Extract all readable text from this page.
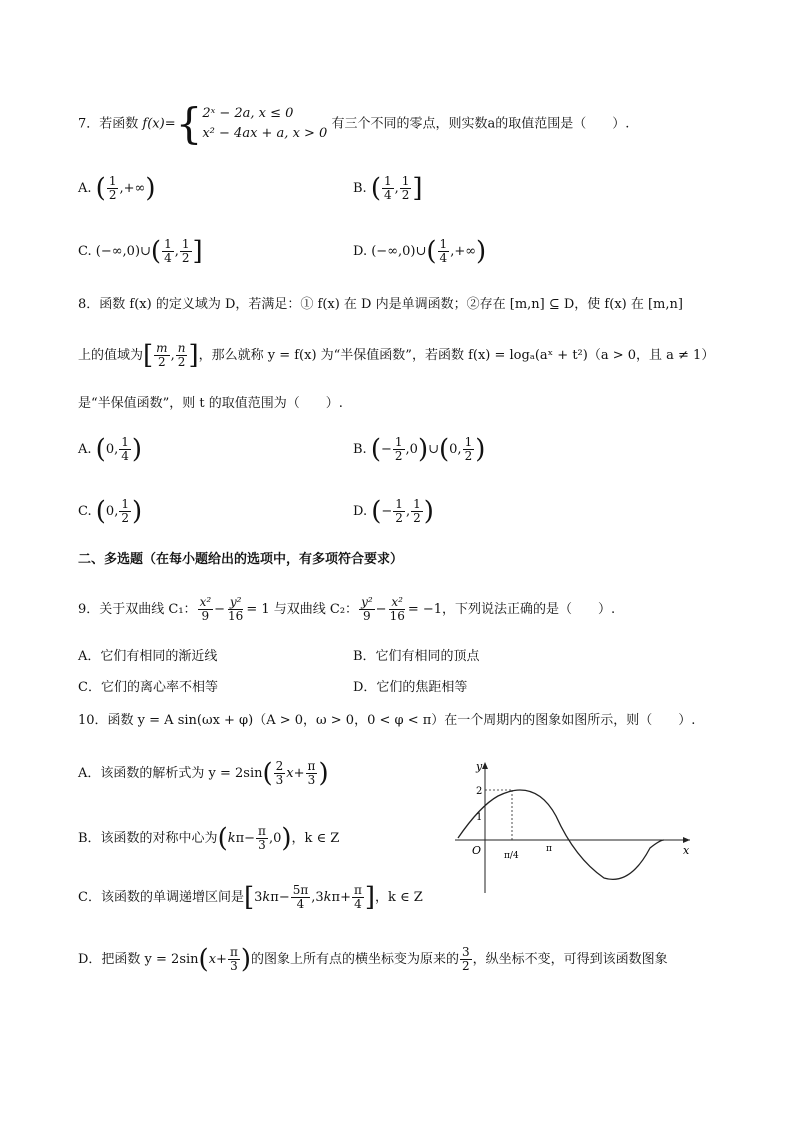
7．若函数 f(x)={ 2ˣ − 2a, x ≤ 0
x² − 4ax + a, x > 0
有三个不同的零点，则实数a的取值范围是（　　）.
A. ( $\frac{1}{2}$ ,+∞)	B. ( $\frac{1}{4}$ , $\frac{1}{2}$ ]
C. (−∞,0)∪( $\frac{1}{4}$ , $\frac{1}{2}$ ]	D. (−∞,0)∪( $\frac{1}{4}$ ,+∞)
8．函数 f(x) 的定义域为 D，若满足：① f(x) 在 D 内是单调函数；②存在 [m,n] ⊆ D，使 f(x) 在 [m,n]
上的值域为[ $\frac{m}{2}$ , $\frac{n}{2}$ ]，那么就称 y = f(x) 为“半保值函数”，若函数 f(x) = logₐ(aˣ + t²)（a > 0，且 a ≠ 1）
是“半保值函数”，则 t 的取值范围为（　　）.
A. (0, $\frac{1}{4}$ )	B. (− $\frac{1}{2}$ ,0)∪(0, $\frac{1}{2}$ )
C. (0, $\frac{1}{2}$ )	D. (− $\frac{1}{2}$ , $\frac{1}{2}$ )
二、多选题（在每小题给出的选项中，有多项符合要求）
9．关于双曲线 C₁： $\frac{\text{x²}}{9} - \frac{\text{y²}}{16} = 1$ 与双曲线 C₂： $\frac{\text{y²}}{9} - \frac{\text{x²}}{16} = -1$，下列说法正确的是（　　）.
A．它们有相同的渐近线	B．它们有相同的顶点
C．它们的离心率不相等	D．它们的焦距相等
10．函数 y = A sin(ωx + φ)（A > 0，ω > 0，0 < φ < π）在一个周期内的图象如图所示，则（　　）.
A．该函数的解析式为 $y = 2\sin( \frac{2}{3} x+ \frac{\pi}{3}$ )
B．该函数的对称中心为$(k\pi- \frac{\pi}{3} ,0)$，k ∈ Z
C．该函数的单调递增区间是[$3k\pi- \frac{5\pi}{4} ,3k\pi+ \frac{\pi}{4}$ ]，k ∈ Z
D．把函数 $y = 2\sin(x+ \frac{\pi}{3}$ )的图象上所有点的横坐标变为原来的 $\frac{3}{2}$ ，纵坐标不变，可得到该函数图象
y
x
O
2
1
π/4
π
